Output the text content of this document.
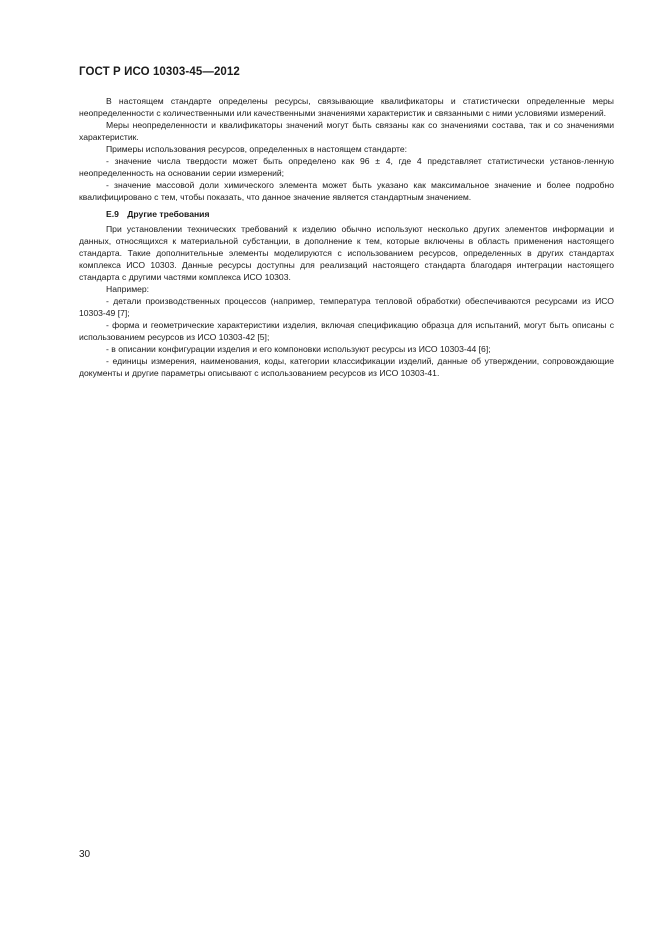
ГОСТ Р ИСО 10303-45—2012

В настоящем стандарте определены ресурсы, связывающие квалификаторы и статистически определенные меры неопределенности с количественными или качественными значениями характеристик и связанными с ними условиями измерений.

Меры неопределенности и квалификаторы значений могут быть связаны как со значениями состава, так и со значениями характеристик.

Примеры использования ресурсов, определенных в настоящем стандарте:

- значение числа твердости может быть определено как 96 ± 4, где 4 представляет статистически установ-ленную неопределенность на основании серии измерений;

- значение массовой доли химического элемента может быть указано как максимальное значение и более подробно квалифицировано с тем, чтобы показать, что данное значение является стандартным значением.

E.9 Другие требования

При установлении технических требований к изделию обычно используют несколько других элементов информации и данных, относящихся к материальной субстанции, в дополнение к тем, которые включены в область применения настоящего стандарта. Такие дополнительные элементы моделируются с использованием ресурсов, определенных в других стандартах комплекса ИСО 10303. Данные ресурсы доступны для реализаций настоящего стандарта благодаря интеграции настоящего стандарта с другими частями комплекса ИСО 10303.

Например:

- детали производственных процессов (например, температура тепловой обработки) обеспечиваются ресурсами из ИСО 10303-49 [7];

- форма и геометрические характеристики изделия, включая спецификацию образца для испытаний, могут быть описаны с использованием ресурсов из ИСО 10303-42 [5];

- в описании конфигурации изделия и его компоновки используют ресурсы из ИСО 10303-44 [6];

- единицы измерения, наименования, коды, категории классификации изделий, данные об утверждении, сопровождающие документы и другие параметры описывают с использованием ресурсов из ИСО 10303-41.

30
